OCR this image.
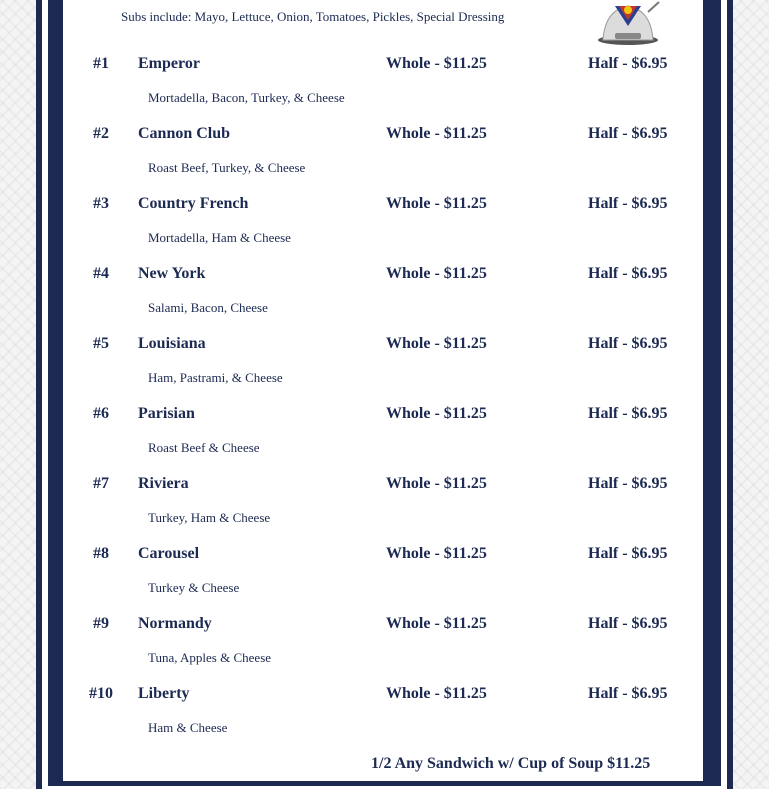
Subs include: Mayo, Lettuce, Onion, Tomatoes, Pickles, Special Dressing
#1	Emperor	Whole - $11.25	Half - $6.95
Mortadella, Bacon, Turkey, & Cheese
#2	Cannon Club	Whole - $11.25	Half - $6.95
Roast Beef, Turkey, & Cheese
#3	Country French	Whole - $11.25	Half - $6.95
Mortadella, Ham & Cheese
#4	New York	Whole - $11.25	Half - $6.95
Salami, Bacon, Cheese
#5	Louisiana	Whole - $11.25	Half - $6.95
Ham, Pastrami, & Cheese
#6	Parisian	Whole - $11.25	Half - $6.95
Roast Beef & Cheese
#7	Riviera	Whole - $11.25	Half - $6.95
Turkey, Ham & Cheese
#8	Carousel	Whole - $11.25	Half - $6.95
Turkey & Cheese
#9	Normandy	Whole - $11.25	Half - $6.95
Tuna, Apples & Cheese
#10	Liberty	Whole - $11.25	Half - $6.95
Ham & Cheese
1/2 Any Sandwich w/ Cup of Soup $11.25
